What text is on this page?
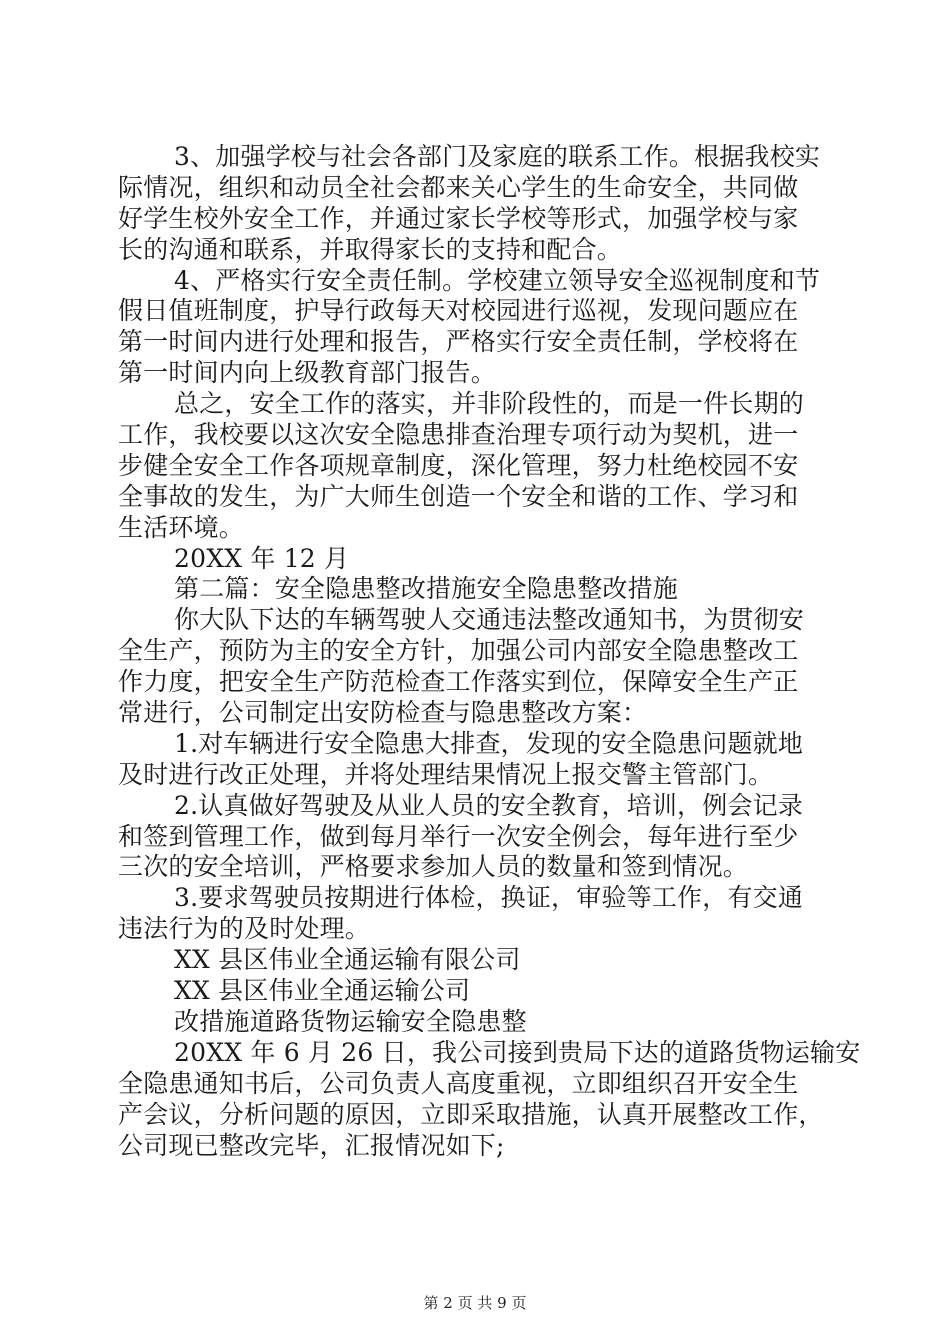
3、加强学校与社会各部门及家庭的联系工作。根据我校实
际情况，组织和动员全社会都来关心学生的生命安全，共同做
好学生校外安全工作，并通过家长学校等形式，加强学校与家
长的沟通和联系，并取得家长的支持和配合。
4、严格实行安全责任制。学校建立领导安全巡视制度和节
假日值班制度，护导行政每天对校园进行巡视，发现问题应在
第一时间内进行处理和报告，严格实行安全责任制，学校将在
第一时间内向上级教育部门报告。
总之，安全工作的落实，并非阶段性的，而是一件长期的
工作，我校要以这次安全隐患排查治理专项行动为契机，进一
步健全安全工作各项规章制度，深化管理，努力杜绝校园不安
全事故的发生，为广大师生创造一个安全和谐的工作、学习和
生活环境。
20XX 年 12 月
第二篇：安全隐患整改措施安全隐患整改措施
你大队下达的车辆驾驶人交通违法整改通知书，为贯彻安
全生产，预防为主的安全方针，加强公司内部安全隐患整改工
作力度，把安全生产防范检查工作落实到位，保障安全生产正
常进行，公司制定出安防检查与隐患整改方案：
1.对车辆进行安全隐患大排查，发现的安全隐患问题就地
及时进行改正处理，并将处理结果情况上报交警主管部门。
2.认真做好驾驶及从业人员的安全教育，培训，例会记录
和签到管理工作，做到每月举行一次安全例会，每年进行至少
三次的安全培训，严格要求参加人员的数量和签到情况。
3.要求驾驶员按期进行体检，换证，审验等工作，有交通
违法行为的及时处理。
XX 县区伟业全通运输有限公司
XX 县区伟业全通运输公司
改措施道路货物运输安全隐患整
20XX 年 6 月 26 日，我公司接到贵局下达的道路货物运输安
全隐患通知书后，公司负责人高度重视，立即组织召开安全生
产会议，分析问题的原因，立即采取措施，认真开展整改工作，
公司现已整改完毕，汇报情况如下;
第 2 页 共 9 页
